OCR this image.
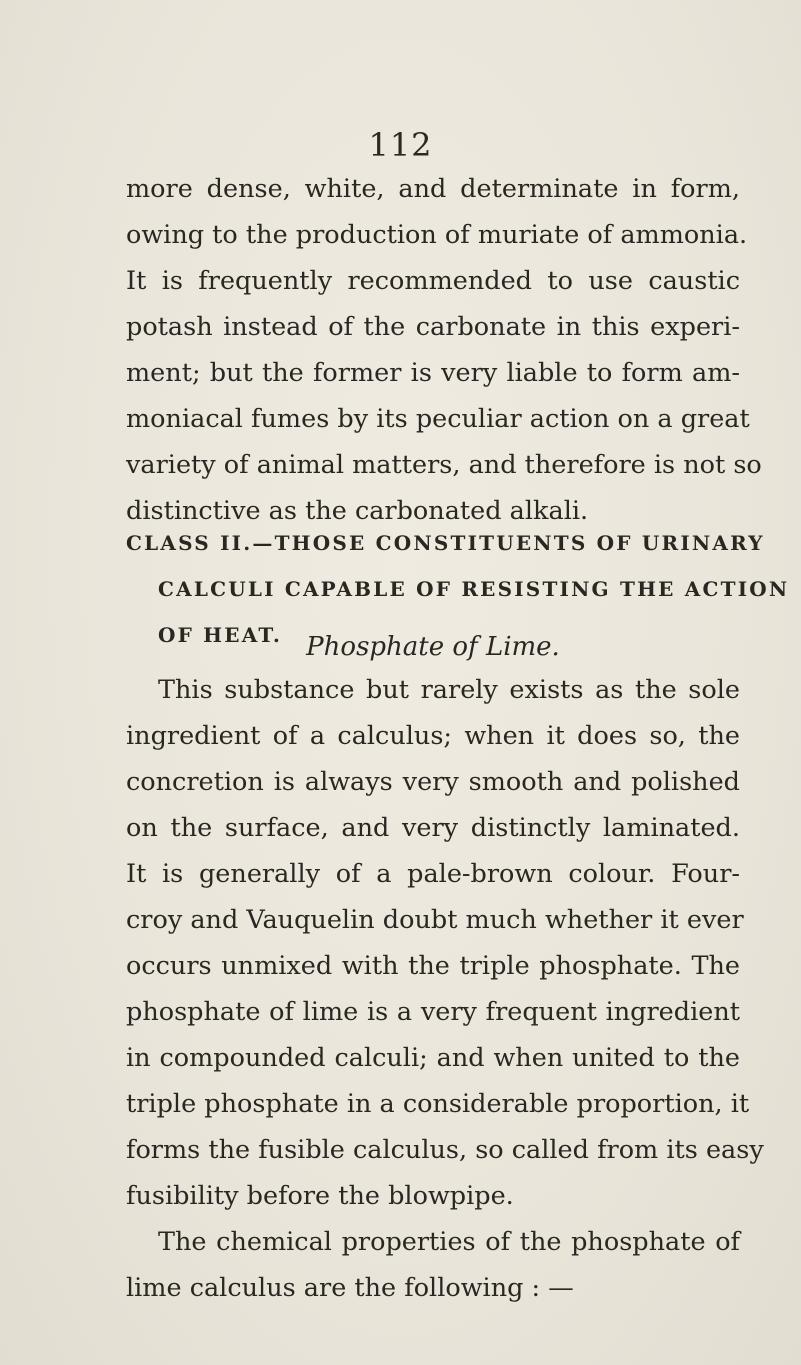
112
more dense, white, and determinate in form,
owing to the production of muriate of ammonia.
It is frequently recommended to use caustic
potash instead of the carbonate in this experi-
ment; but the former is very liable to form am-
moniacal fumes by its peculiar action on a great
variety of animal matters, and therefore is not so
distinctive as the carbonated alkali.
CLASS II.—THOSE CONSTITUENTS OF URINARY
CALCULI CAPABLE OF RESISTING THE ACTION
OF HEAT. Phosphate of Lime.
This substance but rarely exists as the sole
ingredient of a calculus; when it does so, the
concretion is always very smooth and polished
on the surface, and very distinctly laminated.
It is generally of a pale-brown colour. Four-
croy and Vauquelin doubt much whether it ever
occurs unmixed with the triple phosphate. The
phosphate of lime is a very frequent ingredient
in compounded calculi; and when united to the
triple phosphate in a considerable proportion, it
forms the fusible calculus, so called from its easy
fusibility before the blowpipe.
The chemical properties of the phosphate of
lime calculus are the following : —
